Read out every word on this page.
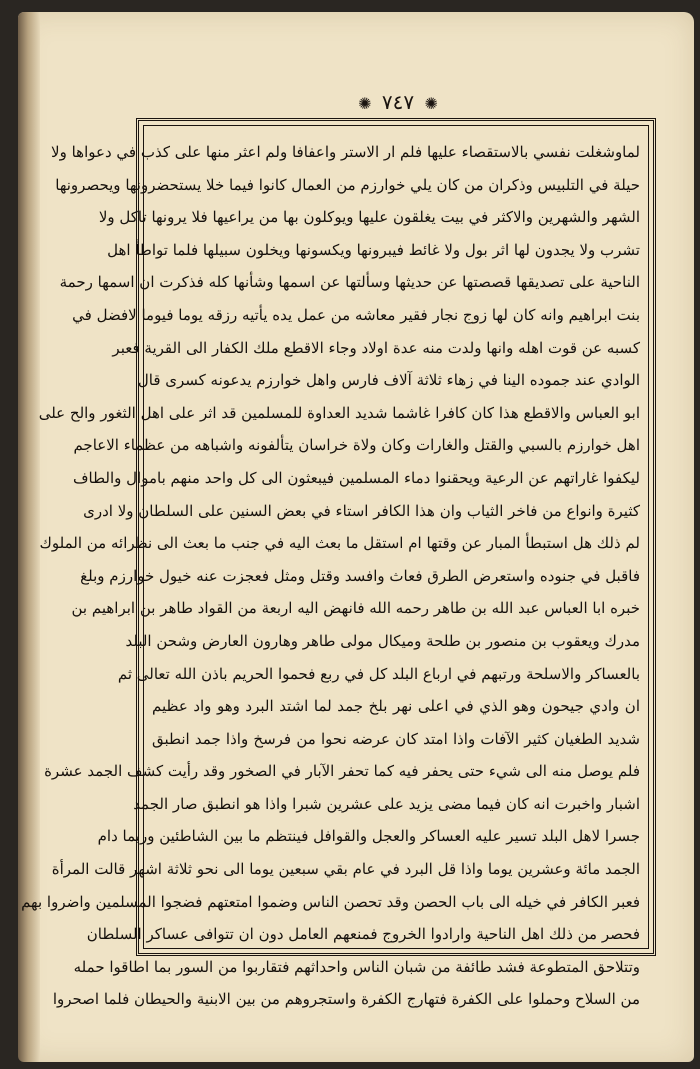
✺ ٧٤٧ ✺
لماوشغلت نفسي بالاستقصاء عليها فلم ار الاستر واعفافا ولم اعثر منها على كذب في دعواها ولا
حيلة في التلبيس وذكران من كان يلي خوارزم من العمال كانوا فيما خلا يستحضرونها ويحصرونها
الشهر والشهرين والاكثر في بيت يغلقون عليها ويوكلون بها من يراعيها فلا يرونها تاكل ولا
تشرب ولا يجدون لها اثر بول ولا غائط فيبرونها ويكسونها ويخلون سبيلها فلما تواطأ اهل
الناحية على تصديقها قصصتها عن حديثها وسألتها عن اسمها وشأنها كله فذكرت ان اسمها رحمة
بنت ابراهيم وانه كان لها زوج نجار فقير معاشه من عمل يده يأتيه رزقه يوما فيوما لافضل في
كسبه عن قوت اهله وانها ولدت منه عدة اولاد وجاء الاقطع ملك الكفار الى القرية فعبر
الوادي عند جموده الينا في زهاء ثلاثة آلاف فارس واهل خوارزم يدعونه كسرى قال
ابو العباس والاقطع هذا كان كافرا غاشما شديد العداوة للمسلمين قد اثر على اهل الثغور والح على
اهل خوارزم بالسبي والقتل والغارات وكان ولاة خراسان يتألفونه واشباهه من عظماء الاعاجم
ليكفوا غاراتهم عن الرعية ويحقنوا دماء المسلمين فيبعثون الى كل واحد منهم باموال والطاف
كثيرة وانواع من فاخر الثياب وان هذا الكافر استاء في بعض السنين على السلطان ولا ادرى
لم ذلك هل استبطأ المبار عن وقتها ام استقل ما بعث اليه في جنب ما بعث الى نظرائه من الملوك
فاقبل في جنوده واستعرض الطرق فعاث وافسد وقتل ومثل فعجزت عنه خيول خوارزم وبلغ
خبره ابا العباس عبد الله بن طاهر رحمه الله فانهض اليه اربعة من القواد طاهر بن ابراهيم بن
مدرك ويعقوب بن منصور بن طلحة وميكال مولى طاهر وهارون العارض وشحن البلد
بالعساكر والاسلحة ورتبهم في ارباع البلد كل في ربع فحموا الحريم باذن الله تعالى ثم
ان وادي جيحون وهو الذي في اعلى نهر بلخ جمد لما اشتد البرد وهو واد عظيم
شديد الطغيان كثير الآفات واذا امتد كان عرضه نحوا من فرسخ واذا جمد انطبق
فلم يوصل منه الى شيء حتى يحفر فيه كما تحفر الآبار في الصخور وقد رأيت كشف الجمد عشرة
اشبار واخبرت انه كان فيما مضى يزيد على عشرين شبرا واذا هو انطبق صار الجمد
جسرا لاهل البلد تسير عليه العساكر والعجل والقوافل فينتظم ما بين الشاطئين وربما دام
الجمد مائة وعشرين يوما واذا قل البرد في عام بقي سبعين يوما الى نحو ثلاثة اشهر قالت المرأة
فعبر الكافر في خيله الى باب الحصن وقد تحصن الناس وضموا امتعتهم فضجوا المسلمين واضروا بهم
فحصر من ذلك اهل الناحية وارادوا الخروج فمنعهم العامل دون ان تتوافى عساكر السلطان
وتتلاحق المتطوعة فشد طائفة من شبان الناس واحداثهم فتقاربوا من السور بما اطاقوا حمله
من السلاح وحملوا على الكفرة فتهارج الكفرة واستجروهم من بين الابنية والحيطان فلما اصحروا
